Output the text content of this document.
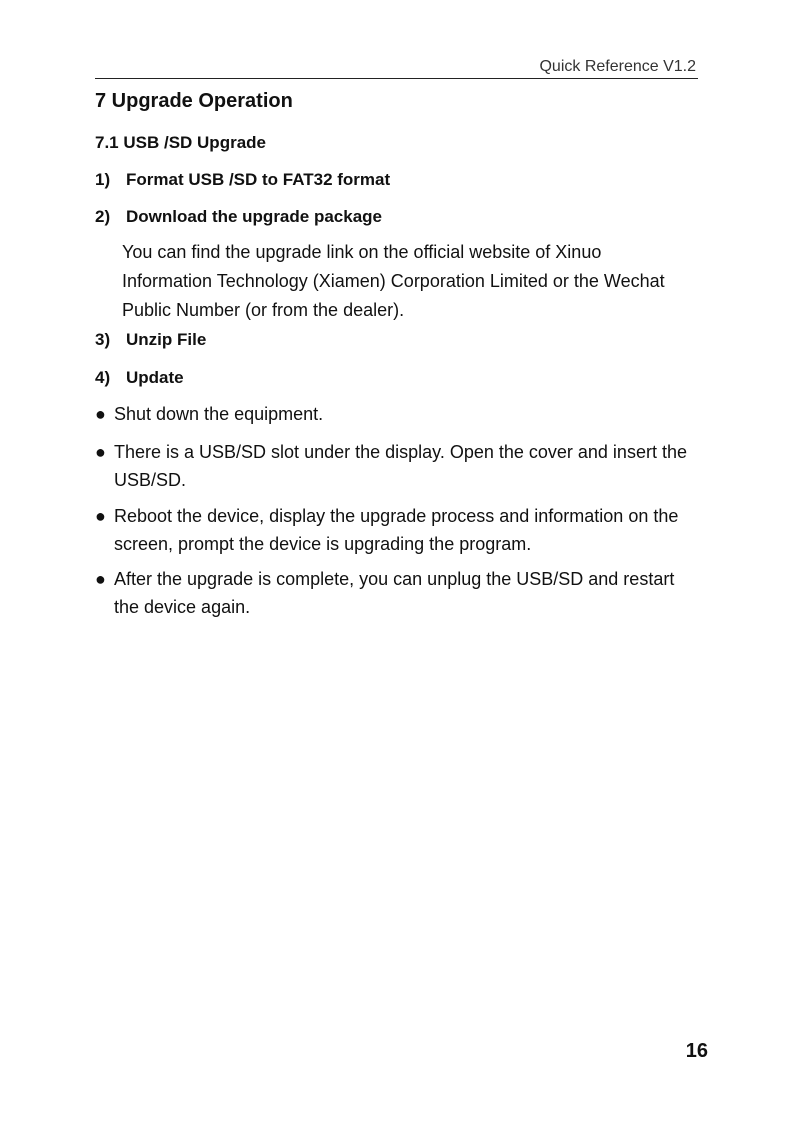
Quick Reference V1.2
7 Upgrade Operation
7.1 USB /SD Upgrade
1) Format USB /SD to FAT32 format
2) Download the upgrade package
You can find the upgrade link on the official website of Xinuo Information Technology (Xiamen) Corporation Limited or the Wechat Public Number (or from the dealer).
3) Unzip File
4) Update
● Shut down the equipment.
● There is a USB/SD slot under the display. Open the cover and insert the USB/SD.
● Reboot the device, display the upgrade process and information on the screen, prompt the device is upgrading the program.
● After the upgrade is complete, you can unplug the USB/SD and restart the device again.
16
